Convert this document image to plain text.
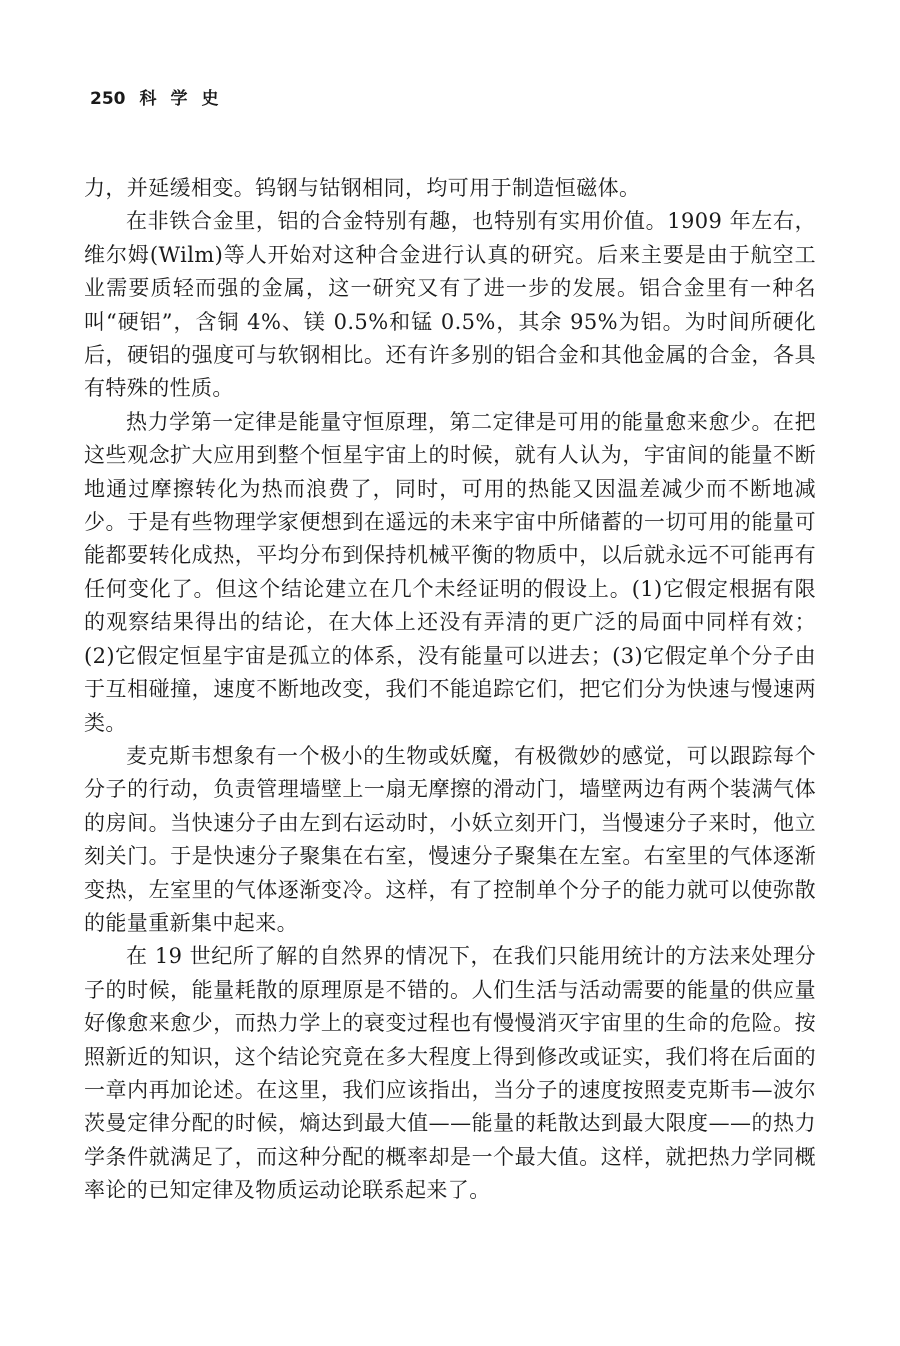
250 科学史

力，并延缓相变。钨钢与钴钢相同，均可用于制造恒磁体。

在非铁合金里，铝的合金特别有趣，也特别有实用价值。1909 年左右，维尔姆(Wilm)等人开始对这种合金进行认真的研究。后来主要是由于航空工业需要质轻而强的金属，这一研究又有了进一步的发展。铝合金里有一种名叫“硬铝”，含铜 4%、镁 0.5%和锰 0.5%，其余 95%为铝。为时间所硬化后，硬铝的强度可与软钢相比。还有许多别的铝合金和其他金属的合金，各具有特殊的性质。

热力学第一定律是能量守恒原理，第二定律是可用的能量愈来愈少。在把这些观念扩大应用到整个恒星宇宙上的时候，就有人认为，宇宙间的能量不断地通过摩擦转化为热而浪费了，同时，可用的热能又因温差减少而不断地减少。于是有些物理学家便想到在遥远的未来宇宙中所储蓄的一切可用的能量可能都要转化成热，平均分布到保持机械平衡的物质中，以后就永远不可能再有任何变化了。但这个结论建立在几个未经证明的假设上。(1)它假定根据有限的观察结果得出的结论，在大体上还没有弄清的更广泛的局面中同样有效；(2)它假定恒星宇宙是孤立的体系，没有能量可以进去；(3)它假定单个分子由于互相碰撞，速度不断地改变，我们不能追踪它们，把它们分为快速与慢速两类。

麦克斯韦想象有一个极小的生物或妖魔，有极微妙的感觉，可以跟踪每个分子的行动，负责管理墙壁上一扇无摩擦的滑动门，墙壁两边有两个装满气体的房间。当快速分子由左到右运动时，小妖立刻开门，当慢速分子来时，他立刻关门。于是快速分子聚集在右室，慢速分子聚集在左室。右室里的气体逐渐变热，左室里的气体逐渐变冷。这样，有了控制单个分子的能力就可以使弥散的能量重新集中起来。

在 19 世纪所了解的自然界的情况下，在我们只能用统计的方法来处理分子的时候，能量耗散的原理原是不错的。人们生活与活动需要的能量的供应量好像愈来愈少，而热力学上的衰变过程也有慢慢消灭宇宙里的生命的危险。按照新近的知识，这个结论究竟在多大程度上得到修改或证实，我们将在后面的一章内再加论述。在这里，我们应该指出，当分子的速度按照麦克斯韦—波尔茨曼定律分配的时候，熵达到最大值——能量的耗散达到最大限度——的热力学条件就满足了，而这种分配的概率却是一个最大值。这样，就把热力学同概率论的已知定律及物质运动论联系起来了。
